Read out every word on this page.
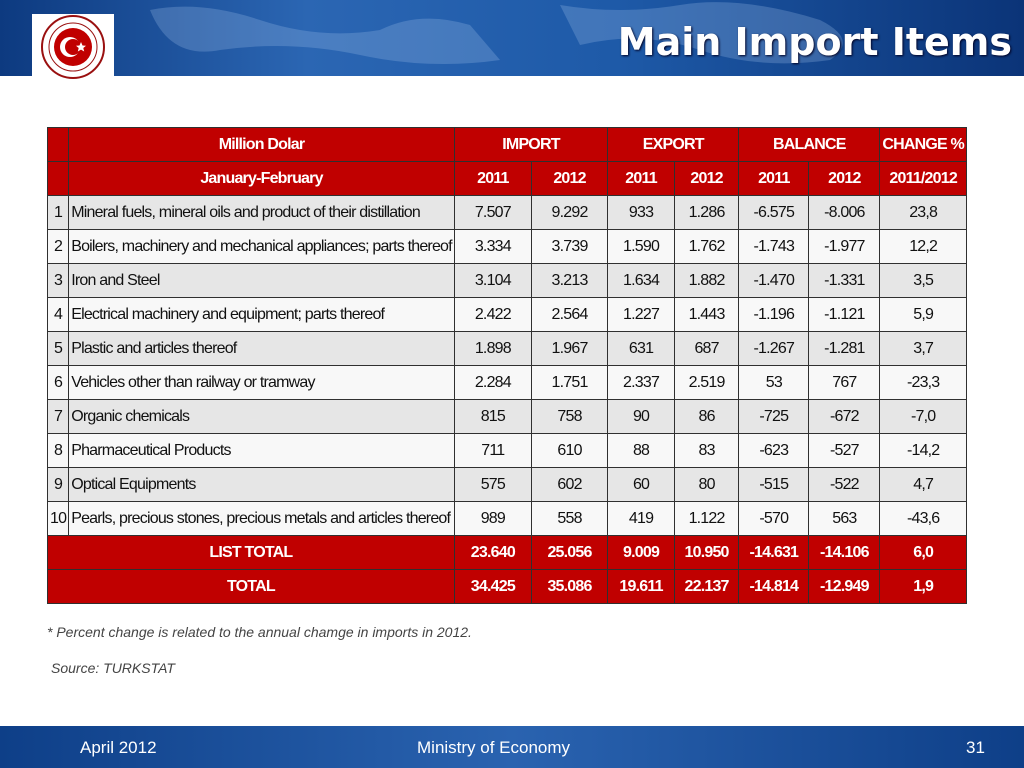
Main Import Items
	Million Dolar	IMPORT		EXPORT		BALANCE		CHANGE %
	January-February	2011	2012	2011	2012	2011	2012	2011/2012
1	Mineral fuels, mineral oils and product of their distillation	7.507	9.292	933	1.286	-6.575	-8.006	23,8
2	Boilers, machinery and mechanical appliances; parts thereof	3.334	3.739	1.590	1.762	-1.743	-1.977	12,2
3	Iron and Steel	3.104	3.213	1.634	1.882	-1.470	-1.331	3,5
4	Electrical machinery and equipment; parts thereof	2.422	2.564	1.227	1.443	-1.196	-1.121	5,9
5	Plastic and articles thereof	1.898	1.967	631	687	-1.267	-1.281	3,7
6	Vehicles other than railway or tramway	2.284	1.751	2.337	2.519	53	767	-23,3
7	Organic chemicals	815	758	90	86	-725	-672	-7,0
8	Pharmaceutical Products	711	610	88	83	-623	-527	-14,2
9	Optical Equipments	575	602	60	80	-515	-522	4,7
10	Pearls, precious stones, precious metals and articles thereof	989	558	419	1.122	-570	563	-43,6
LIST TOTAL		23.640	25.056	9.009	10.950	-14.631	-14.106	6,0
TOTAL		34.425	35.086	19.611	22.137	-14.814	-12.949	1,9
* Percent change is related to the annual chamge in imports in 2012.
Source: TURKSTAT
April 2012	Ministry of Economy	31
